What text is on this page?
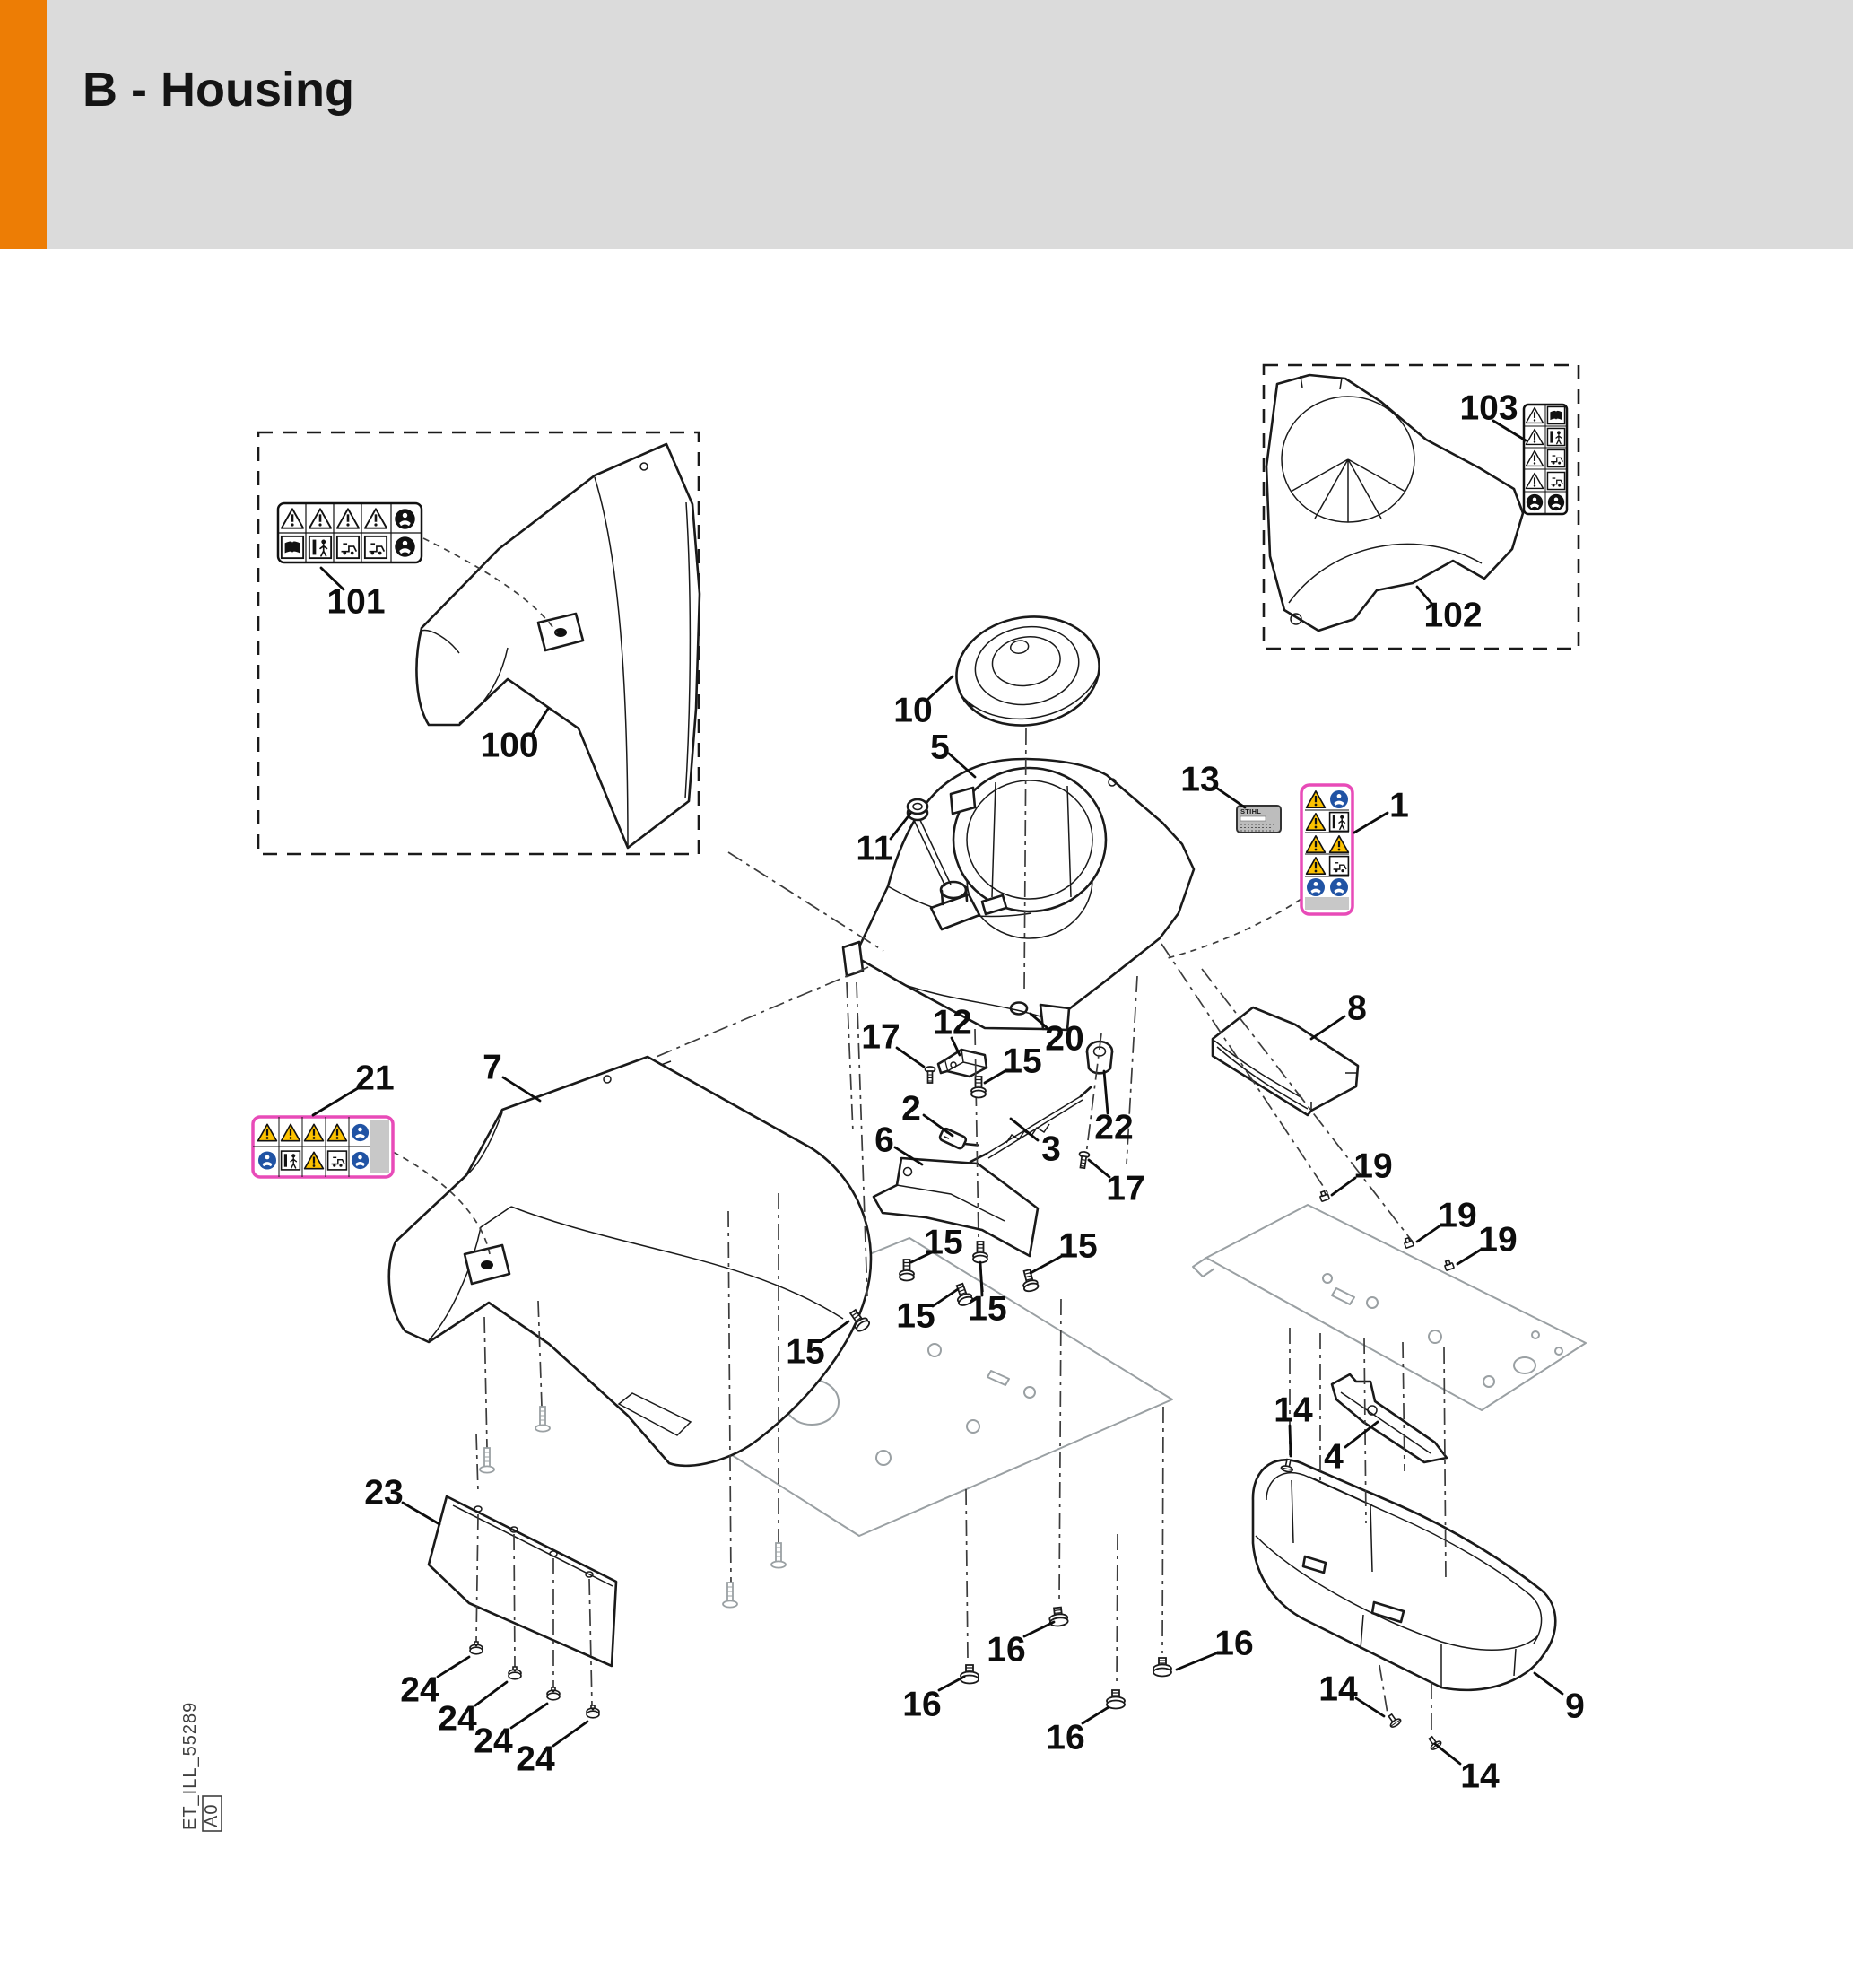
B - Housing
STIHL
100
101	102
103
1
2
3
4
5
6
7
8
9
10
11
12
13
14
14
14
15
15	15
15 15
15
16
16
16
16
17
17
19
19
19
20
21
22
23
24
24
24 24
ET_ILL_55289 A0
